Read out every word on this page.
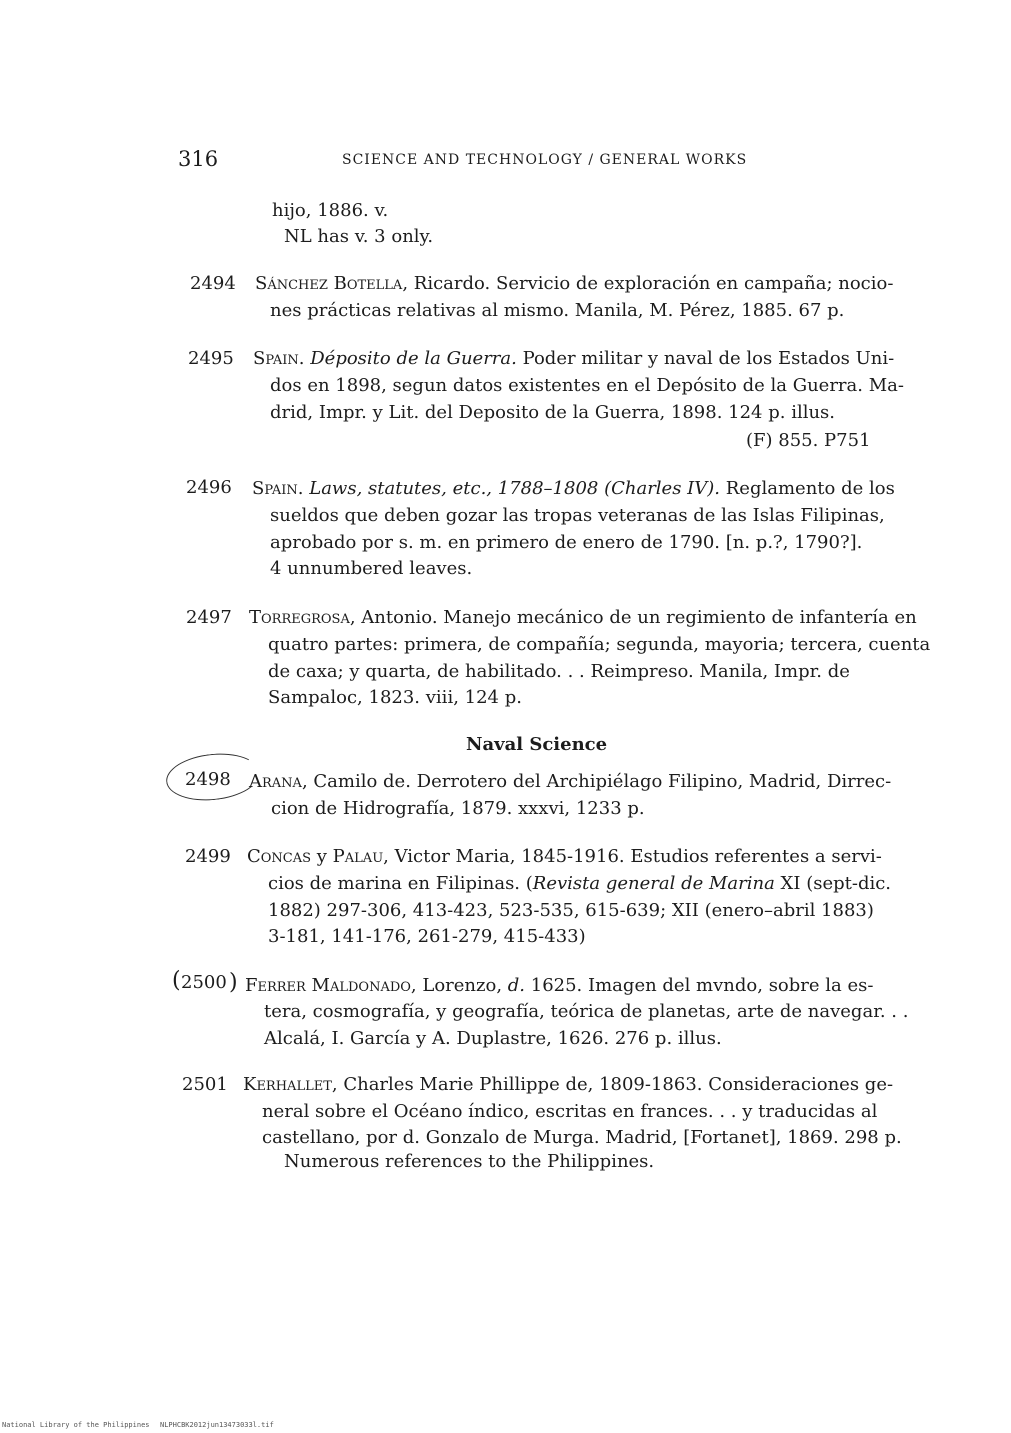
316	SCIENCE AND TECHNOLOGY / GENERAL WORKS
hijo, 1886. v.
NL has v. 3 only.
2494 Sánchez Botella, Ricardo. Servicio de exploración en campaña; nocio-
nes prácticas relativas al mismo. Manila, M. Pérez, 1885. 67 p.
2495 Spain. Déposito de la Guerra. Poder militar y naval de los Estados Uni-
dos en 1898, segun datos existentes en el Depósito de la Guerra. Ma-
drid, Impr. y Lit. del Deposito de la Guerra, 1898. 124 p. illus.
(F) 855. P751
2496 Spain. Laws, statutes, etc., 1788–1808 (Charles IV). Reglamento de los
sueldos que deben gozar las tropas veteranas de las Islas Filipinas,
aprobado por s. m. en primero de enero de 1790. [n. p.?, 1790?].
4 unnumbered leaves.
2497 Torregrosa, Antonio. Manejo mecánico de un regimiento de infantería en
quatro partes: primera, de compañía; segunda, mayoria; tercera, cuenta
de caxa; y quarta, de habilitado. . . Reimpreso. Manila, Impr. de
Sampaloc, 1823. viii, 124 p.
Naval Science
2498 Arana, Camilo de. Derrotero del Archipiélago Filipino, Madrid, Dirrec-
cion de Hidrografía, 1879. xxxvi, 1233 p.
2499 Concas y Palau, Victor Maria, 1845-1916. Estudios referentes a servi-
cios de marina en Filipinas. (Revista general de Marina XI (sept-dic.
1882) 297-306, 413-423, 523-535, 615-639; XII (enero–abril 1883)
3-181, 141-176, 261-279, 415-433)
( 2500 ) Ferrer Maldonado, Lorenzo, d. 1625. Imagen del mvndo, sobre la es-
tera, cosmografía, y geografía, teórica de planetas, arte de navegar. . .
Alcalá, I. García y A. Duplastre, 1626. 276 p. illus.
2501 Kerhallet, Charles Marie Phillippe de, 1809-1863. Consideraciones ge-
neral sobre el Océano índico, escritas en frances. . . y traducidas al
castellano, por d. Gonzalo de Murga. Madrid, [Fortanet], 1869. 298 p.
Numerous references to the Philippines.
National Library of the Philippines NLPHCBK2012jun13473033l.tif
